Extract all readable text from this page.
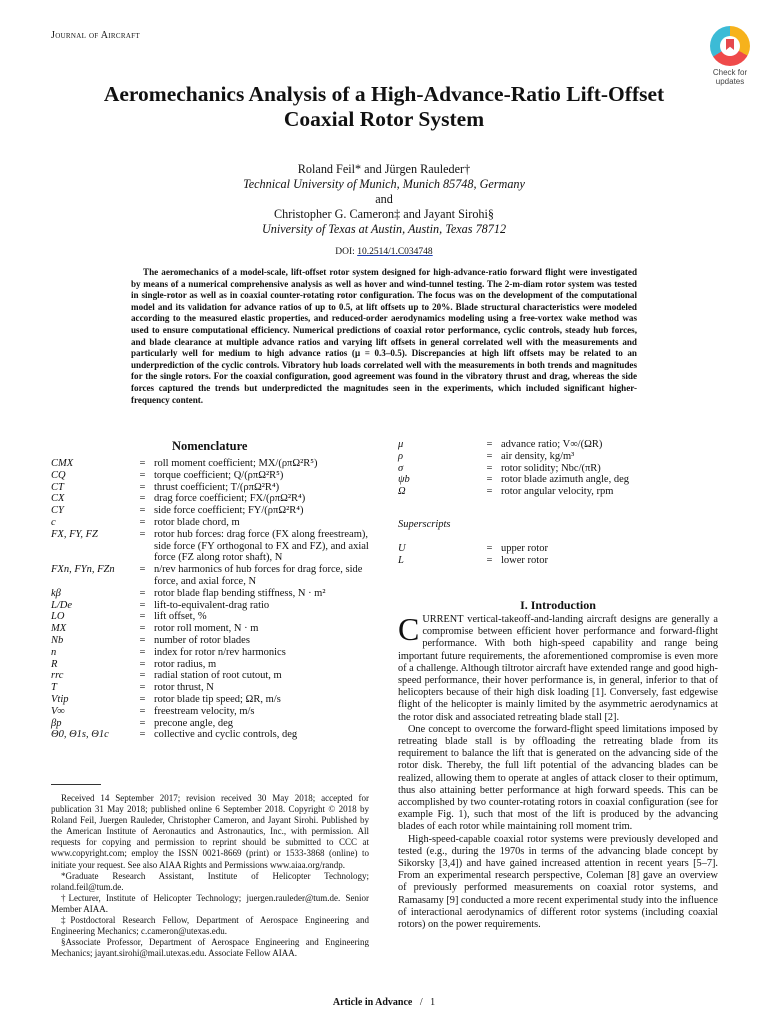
Journal of Aircraft
Check for
updates
Aeromechanics Analysis of a High-Advance-Ratio Lift-Offset
Coaxial Rotor System
Roland Feil* and Jürgen Rauleder†
Technical University of Munich, Munich 85748, Germany
and
Christopher G. Cameron‡ and Jayant Sirohi§
University of Texas at Austin, Austin, Texas 78712
DOI: 10.2514/1.C034748
The aeromechanics of a model-scale, lift-offset rotor system designed for high-advance-ratio forward flight were investigated by means of a numerical comprehensive analysis as well as hover and wind-tunnel testing. The 2-m-diam rotor system was tested in single-rotor as well as in coaxial counter-rotating rotor configuration. The focus was on the development of the computational model and its validation for advance ratios of up to 0.5, at lift offsets up to 20%. Blade structural characteristics were modeled according to the measured elastic properties, and reduced-order aerodynamics modeling using a free-vortex wake method was used to ensure computational efficiency. Numerical predictions of coaxial rotor performance, cyclic controls, steady hub forces, and blade clearance at multiple advance ratios and varying lift offsets in general correlated well with the measurements and particularly well for medium to high advance ratios (μ = 0.3–0.5). Discrepancies at high lift offsets may be related to an underprediction of the cyclic controls. Vibratory hub loads correlated well with the measurements in both trends and magnitudes for the single rotors. For the coaxial configuration, good agreement was found in the vibratory thrust and drag, whereas the side forces captured the trends but underpredicted the magnitudes seen in the experiments, which included significant higher-frequency content.
Nomenclature
CMX	= roll moment coefficient; MX/(ρπΩ²R⁵)
CQ	= torque coefficient; Q/(ρπΩ²R⁵)
CT	= thrust coefficient; T/(ρπΩ²R⁴)
CX	= drag force coefficient; FX/(ρπΩ²R⁴)
CY	= side force coefficient; FY/(ρπΩ²R⁴)
c	= rotor blade chord, m
FX, FY, FZ	= rotor hub forces: drag force (FX along freestream), side force (FY orthogonal to FX and FZ), and axial force (FZ along rotor shaft), N
FXn, FYn, FZn	= n/rev harmonics of hub forces for drag force, side force, and axial force, N
kβ	= rotor blade flap bending stiffness, N · m²
L/De	= lift-to-equivalent-drag ratio
LO	= lift offset, %
MX	= rotor roll moment, N · m
Nb	= number of rotor blades
n	= index for rotor n/rev harmonics
R	= rotor radius, m
rrc	= radial station of root cutout, m
T	= rotor thrust, N
Vtip	= rotor blade tip speed; ΩR, m/s
V∞	= freestream velocity, m/s
βp	= precone angle, deg
Θ0, Θ1s, Θ1c	= collective and cyclic controls, deg
μ	= advance ratio; V∞/(ΩR)
ρ	= air density, kg/m³
σ	= rotor solidity; Nbc/(πR)
ψb	= rotor blade azimuth angle, deg
Ω	= rotor angular velocity, rpm
Superscripts
U	= upper rotor
L	= lower rotor

Received 14 September 2017; revision received 30 May 2018; accepted for publication 31 May 2018; published online 6 September 2018. Copyright © 2018 by Roland Feil, Juergen Rauleder, Christopher Cameron, and Jayant Sirohi. Published by the American Institute of Aeronautics and Astronautics, Inc., with permission. All requests for copying and permission to reprint should be submitted to CCC at www.copyright.com; employ the ISSN 0021-8669 (print) or 1533-3868 (online) to initiate your request. See also AIAA Rights and Permissions www.aiaa.org/randp.

*Graduate Research Assistant, Institute of Helicopter Technology; roland.feil@tum.de.

†Lecturer, Institute of Helicopter Technology; juergen.rauleder@tum.de. Senior Member AIAA.

‡Postdoctoral Research Fellow, Department of Aerospace Engineering and Engineering Mechanics; c.cameron@utexas.edu.

§Associate Professor, Department of Aerospace Engineering and Engineering Mechanics; jayant.sirohi@mail.utexas.edu. Associate Fellow AIAA.

I. Introduction

CURRENT vertical-takeoff-and-landing aircraft designs are generally a compromise between efficient hover performance and forward-flight performance. With both high-speed capability and range being important future requirements, the aforementioned compromise is even more of a challenge. Although tiltrotor aircraft have extended range and good high-speed performance, their hover performance is, in general, inferior to that of helicopters because of their high disk loading [1]. Conversely, fast edgewise flight of the helicopter is mainly limited by the asymmetric aerodynamics at the rotor disk and associated retreating blade stall [2].

One concept to overcome the forward-flight speed limitations imposed by retreating blade stall is by offloading the retreating blade from its requirement to balance the lift that is generated on the advancing side of the rotor disk. Thereby, the full lift potential of the advancing blades can be realized, allowing them to operate at angles of attack closer to their optimum, thus also attaining better performance at high forward speeds. This can be accomplished by two counter-rotating rotors in coaxial configuration (see for example Fig. 1), such that most of the lift is produced by the advancing blades of each rotor while maintaining roll moment trim.

High-speed-capable coaxial rotor systems were previously developed and tested (e.g., during the 1970s in terms of the advancing blade concept by Sikorsky [3,4]) and have gained increased attention in recent years [5–7]. From an experimental research perspective, Coleman [8] gave an overview of previously performed measurements on coaxial rotor systems, and Ramasamy [9] conducted a more recent experimental study into the influence of interactional aerodynamics of different rotor systems (including coaxial rotors) on the power requirements.

Article in Advance / 1
